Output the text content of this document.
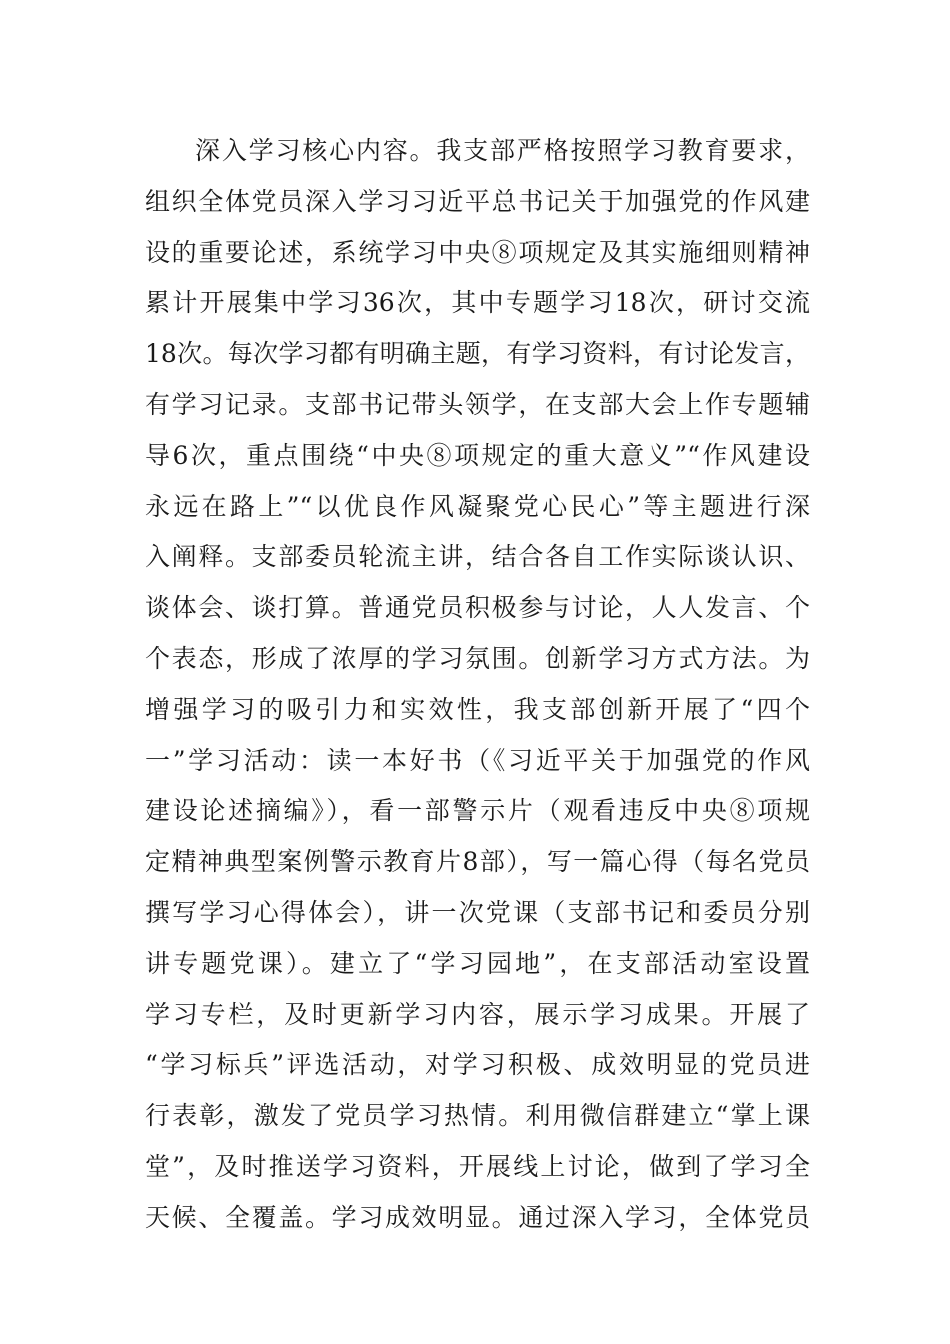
深入学习核心内容。我支部严格按照学习教育要求，
组织全体党员深入学习习近平总书记关于加强党的作风建
设的重要论述，系统学习中央⑧项规定及其实施细则精神
累计开展集中学习36次，其中专题学习18次，研讨交流
18次。每次学习都有明确主题，有学习资料，有讨论发言，
有学习记录。支部书记带头领学，在支部大会上作专题辅
导6次，重点围绕“中央⑧项规定的重大意义”“作风建设
永远在路上”“以优良作风凝聚党心民心”等主题进行深
入阐释。支部委员轮流主讲，结合各自工作实际谈认识、
谈体会、谈打算。普通党员积极参与讨论，人人发言、个
个表态，形成了浓厚的学习氛围。创新学习方式方法。为
增强学习的吸引力和实效性，我支部创新开展了“四个
一”学习活动：读一本好书（《习近平关于加强党的作风
建设论述摘编》），看一部警示片（观看违反中央⑧项规
定精神典型案例警示教育片8部），写一篇心得（每名党员
撰写学习心得体会），讲一次党课（支部书记和委员分别
讲专题党课）。建立了“学习园地”，在支部活动室设置
学习专栏，及时更新学习内容，展示学习成果。开展了
“学习标兵”评选活动，对学习积极、成效明显的党员进
行表彰，激发了党员学习热情。利用微信群建立“掌上课
堂”，及时推送学习资料，开展线上讨论，做到了学习全
天候、全覆盖。学习成效明显。通过深入学习，全体党员
